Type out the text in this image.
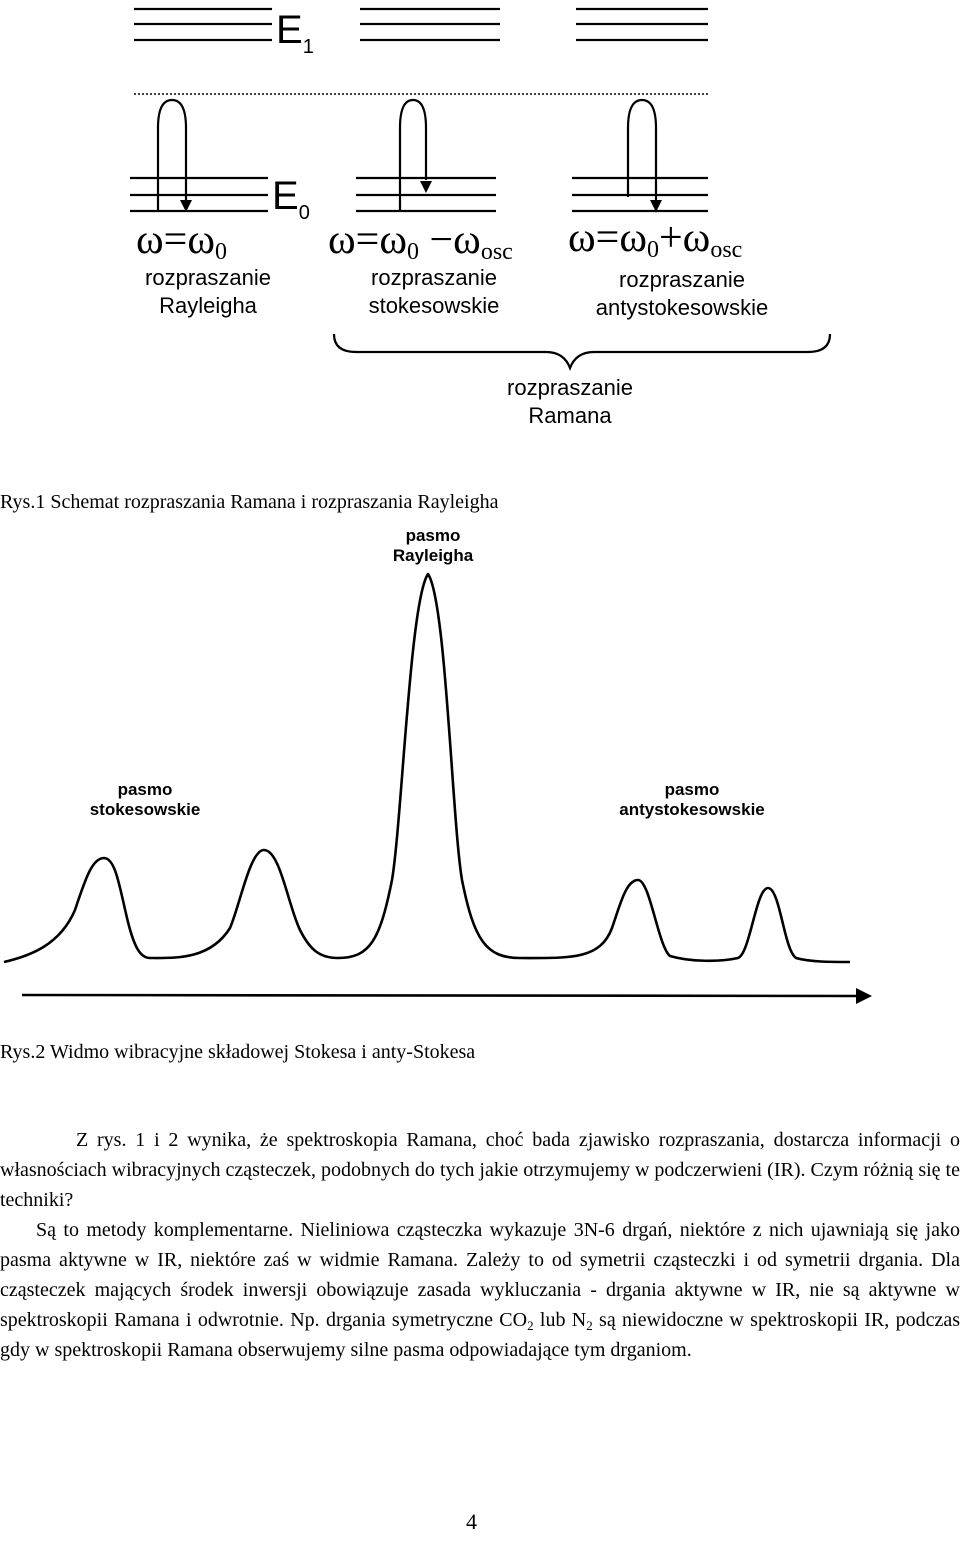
$E_1$
$E_0$
$\omega=\omega_0$
rozpraszanie
Rayleigha
$\omega=\omega_0 -\omega_{osc}$
rozpraszanie
stokesowskie
$\omega=\omega_0+\omega_{osc}$
rozpraszanie
antystokesowskie
rozpraszanie
Ramana
Rys.1 Schemat rozpraszania Ramana i rozpraszania Rayleigha
pasmo
Rayleigha
pasmo
stokesowskie
pasmo
antystokesowskie
Rys.2 Widmo wibracyjne składowej Stokesa i anty-Stokesa
Z rys. 1 i 2 wynika, że spektroskopia Ramana, choć bada zjawisko rozpraszania, dostarcza informacji o własnościach wibracyjnych cząsteczek, podobnych do tych jakie otrzymujemy w podczerwieni (IR). Czym różnią się te techniki?
Są to metody komplementarne. Nieliniowa cząsteczka wykazuje 3N-6 drgań, niektóre z nich ujawniają się jako pasma aktywne w IR, niektóre zaś w widmie Ramana. Zależy to od symetrii cząsteczki i od symetrii drgania. Dla cząsteczek mających środek inwersji obowiązuje zasada wykluczania - drgania aktywne w IR, nie są aktywne w spektroskopii Ramana i odwrotnie. Np. drgania symetryczne $CO_2$ lub $N_2$ są niewidoczne w spektroskopii IR, podczas gdy w spektroskopii Ramana obserwujemy silne pasma odpowiadające tym drganiom.
4
